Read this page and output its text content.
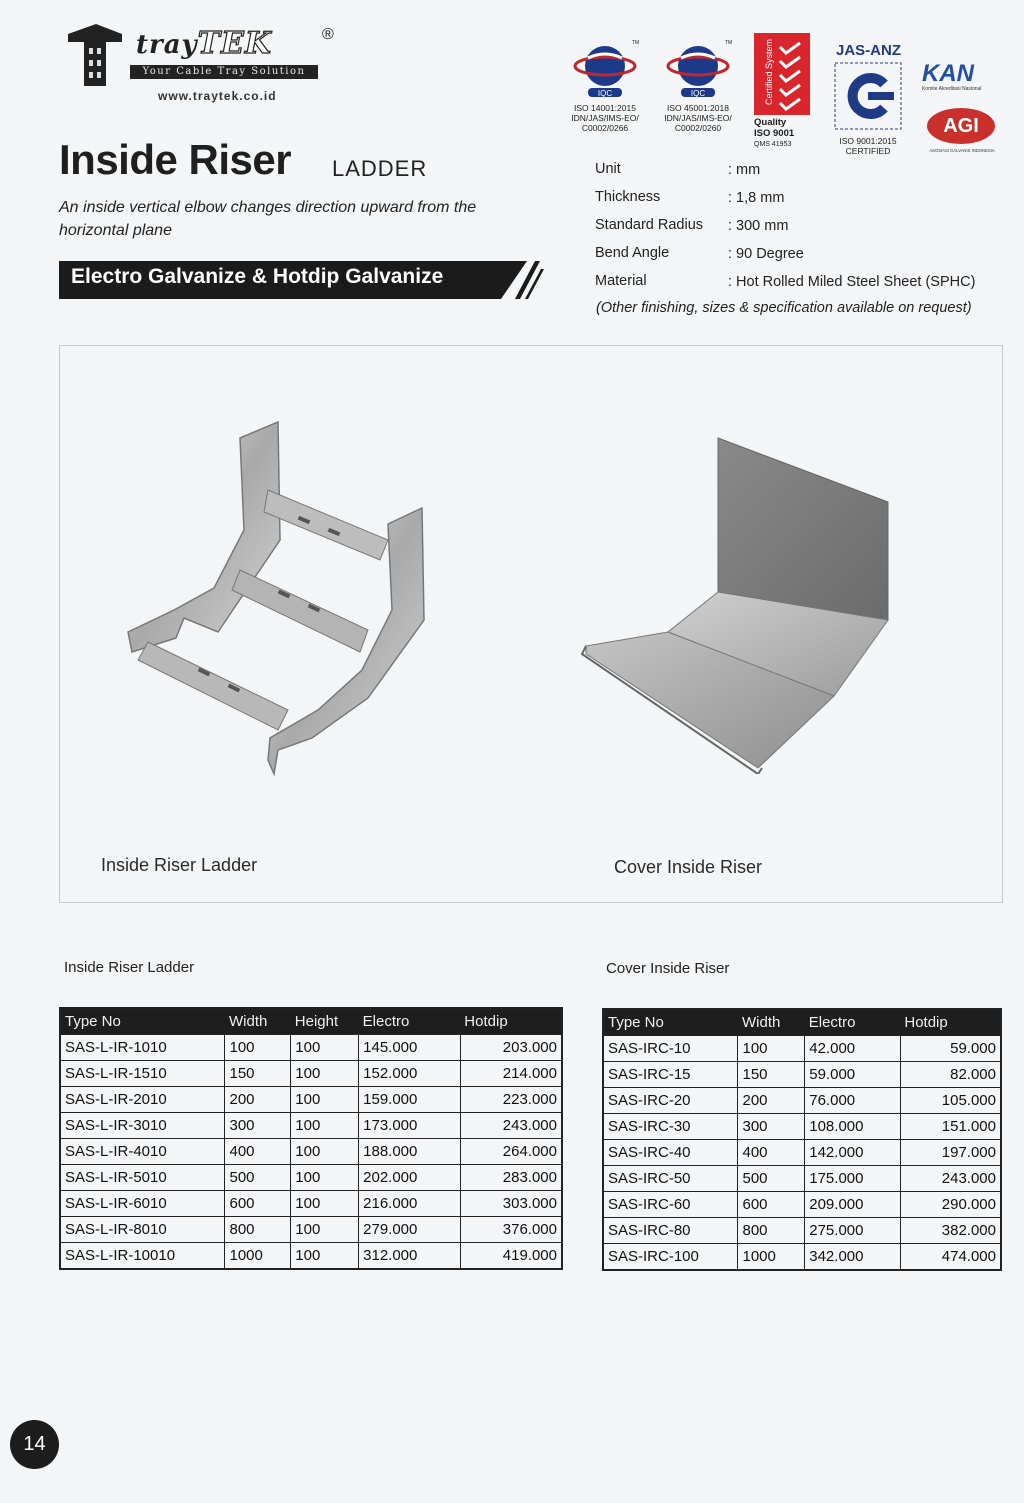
trayTEK	®
Your Cable Tray Solution
www.traytek.co.id	IQC
TM
ISO 14001:2015
IDN/JAS/IMS-EO/
C0002/0266
IQC
TM
ISO 45001:2018
IDN/JAS/IMS-EO/
C0002/0260
Certified System
Quality
ISO 9001
QMS 41953
JAS-ANZ
ISO 9001:2015
CERTIFIED
KAN
Komite Akreditasi Nasional
AGI
ASOSIASI GALVANIS INDONESIA
Inside Riser LADDER
An inside vertical elbow changes direction upward from the horizontal plane
Electro Galvanize & Hotdip Galvanize
Unit	: mm
Thickness	: 1,8 mm
Standard Radius : 300 mm
Bend Angle	: 90 Degree
Material	: Hot Rolled Miled Steel Sheet (SPHC)
(Other finishing, sizes & specification available on request)
Inside Riser Ladder	Cover Inside Riser
Inside Riser Ladder	Cover Inside Riser
Type No	Width	Height	Electro	Hotdip
SAS-L-IR-1010	100	100	145.000	203.000
SAS-L-IR-1510	150	100	152.000	214.000
SAS-L-IR-2010	200	100	159.000	223.000
SAS-L-IR-3010	300	100	173.000	243.000
SAS-L-IR-4010	400	100	188.000	264.000
SAS-L-IR-5010	500	100	202.000	283.000
SAS-L-IR-6010	600	100	216.000	303.000
SAS-L-IR-8010	800	100	279.000	376.000
SAS-L-IR-10010	1000	100	312.000	419.000
Type No	Width	Electro	Hotdip
SAS-IRC-10	100	42.000	59.000
SAS-IRC-15	150	59.000	82.000
SAS-IRC-20	200	76.000	105.000
SAS-IRC-30	300	108.000	151.000
SAS-IRC-40	400	142.000	197.000
SAS-IRC-50	500	175.000	243.000
SAS-IRC-60	600	209.000	290.000
SAS-IRC-80	800	275.000	382.000
SAS-IRC-100	1000	342.000	474.000
14
